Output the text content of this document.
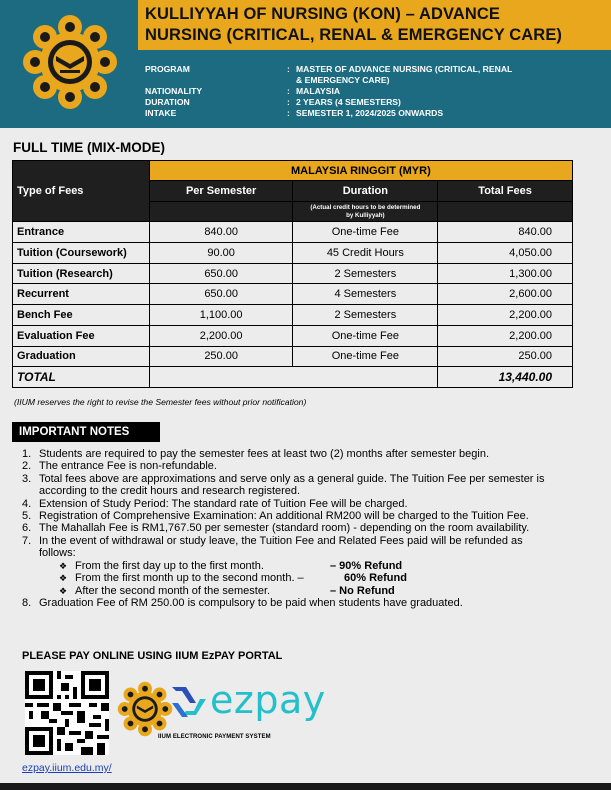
KULLIYYAH OF NURSING (KON) – ADVANCE
NURSING (CRITICAL, RENAL & EMERGENCY CARE)
PROGRAM	: MASTER OF ADVANCE NURSING (CRITICAL, RENAL
& EMERGENCY CARE)
NATIONALITY	: MALAYSIA
DURATION	: 2 YEARS (4 SEMESTERS)
INTAKE	: SEMESTER 1, 2024/2025 ONWARDS
FULL TIME (MIX-MODE)
Type of Fees	MALAYSIA RINGGIT (MYR)		
	Per Semester	Duration	Total Fees
		(Actual credit hours to be determined
by Kulliyyah)	
Entrance	840.00	One-time Fee	840.00
Tuition (Coursework)	90.00	45 Credit Hours	4,050.00
Tuition (Research)	650.00	2 Semesters	1,300.00
Recurrent	650.00	4 Semesters	2,600.00
Bench Fee	1,100.00	2 Semesters	2,200.00
Evaluation Fee	2,200.00	One-time Fee	2,200.00
Graduation	250.00	One-time Fee	250.00
TOTAL			13,440.00
(IIUM reserves the right to revise the Semester fees without prior notification)
IMPORTANT NOTES
1. Students are required to pay the semester fees at least two (2) months after semester begin.
2. The entrance Fee is non-refundable.
3. Total fees above are approximations and serve only as a general guide. The Tuition Fee per semester is
according to the credit hours and research registered.
4. Extension of Study Period: The standard rate of Tuition Fee will be charged.
5. Registration of Comprehensive Examination: An additional RM200 will be charged to the Tuition Fee.
6. The Mahallah Fee is RM1,767.50 per semester (standard room) - depending on the room availability.
7. In the event of withdrawal or study leave, the Tuition Fee and Related Fees paid will be refunded as
follows:
❖ From the first day up to the first month.	– 90% Refund
❖ From the first month up to the second month. –	60% Refund
❖ After the second month of the semester.	– No Refund
8. Graduation Fee of RM 250.00 is compulsory to be paid when students have graduated.
PLEASE PAY ONLINE USING IIUM EzPAY PORTAL
ezpay
IIUM ELECTRONIC PAYMENT SYSTEM
ezpay.iium.edu.my/
